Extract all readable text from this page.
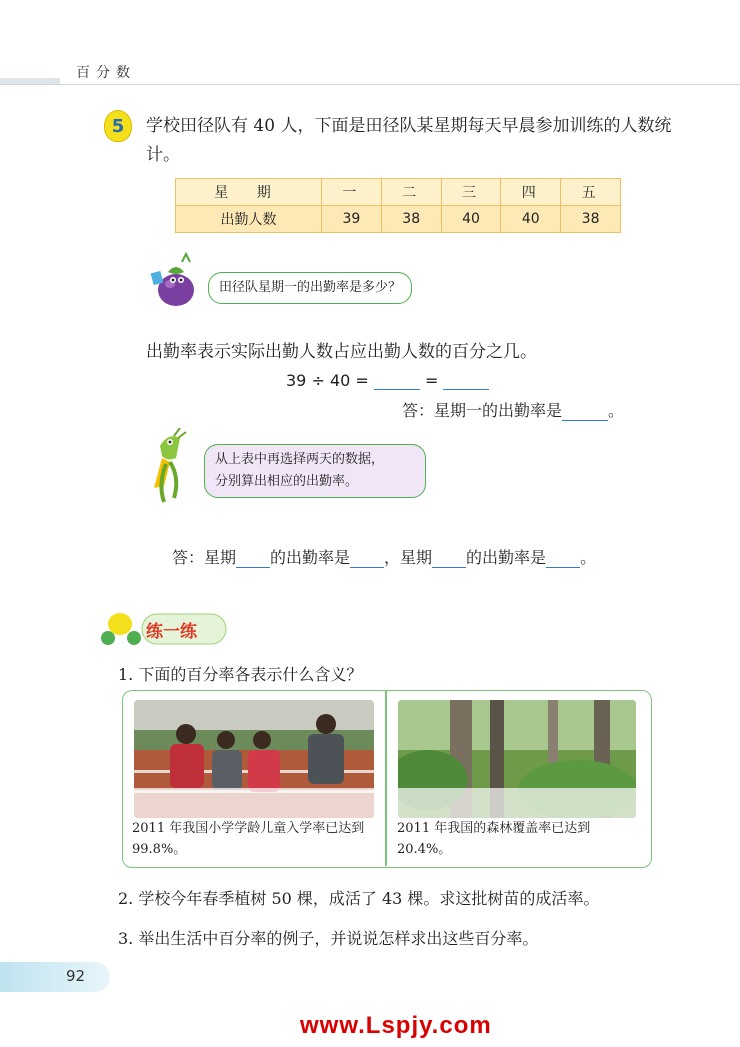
百分数
5	学校田径队有 40 人，下面是田径队某星期每天早晨参加训练的人数统计。
星 期	一	二	三	四	五
出勤人数	39	38	40	40	38
田径队星期一的出勤率是多少？
出勤率表示实际出勤人数占应出勤人数的百分之几。
39 ÷ 40 =	=
答：星期一的出勤率是	。
从上表中再选择两天的数据，
分别算出相应的出勤率。
答：星期 的出勤率是 ，星期 的出勤率是 。
练一练
1. 下面的百分率各表示什么含义？
2011 年我国小学学龄儿童入学率已达到 99.8%。
2011 年我国的森林覆盖率已达到 20.4%。
2. 学校今年春季植树 50 棵，成活了 43 棵。求这批树苗的成活率。
3. 举出生活中百分率的例子，并说说怎样求出这些百分率。
92
www.Lspjy.com
